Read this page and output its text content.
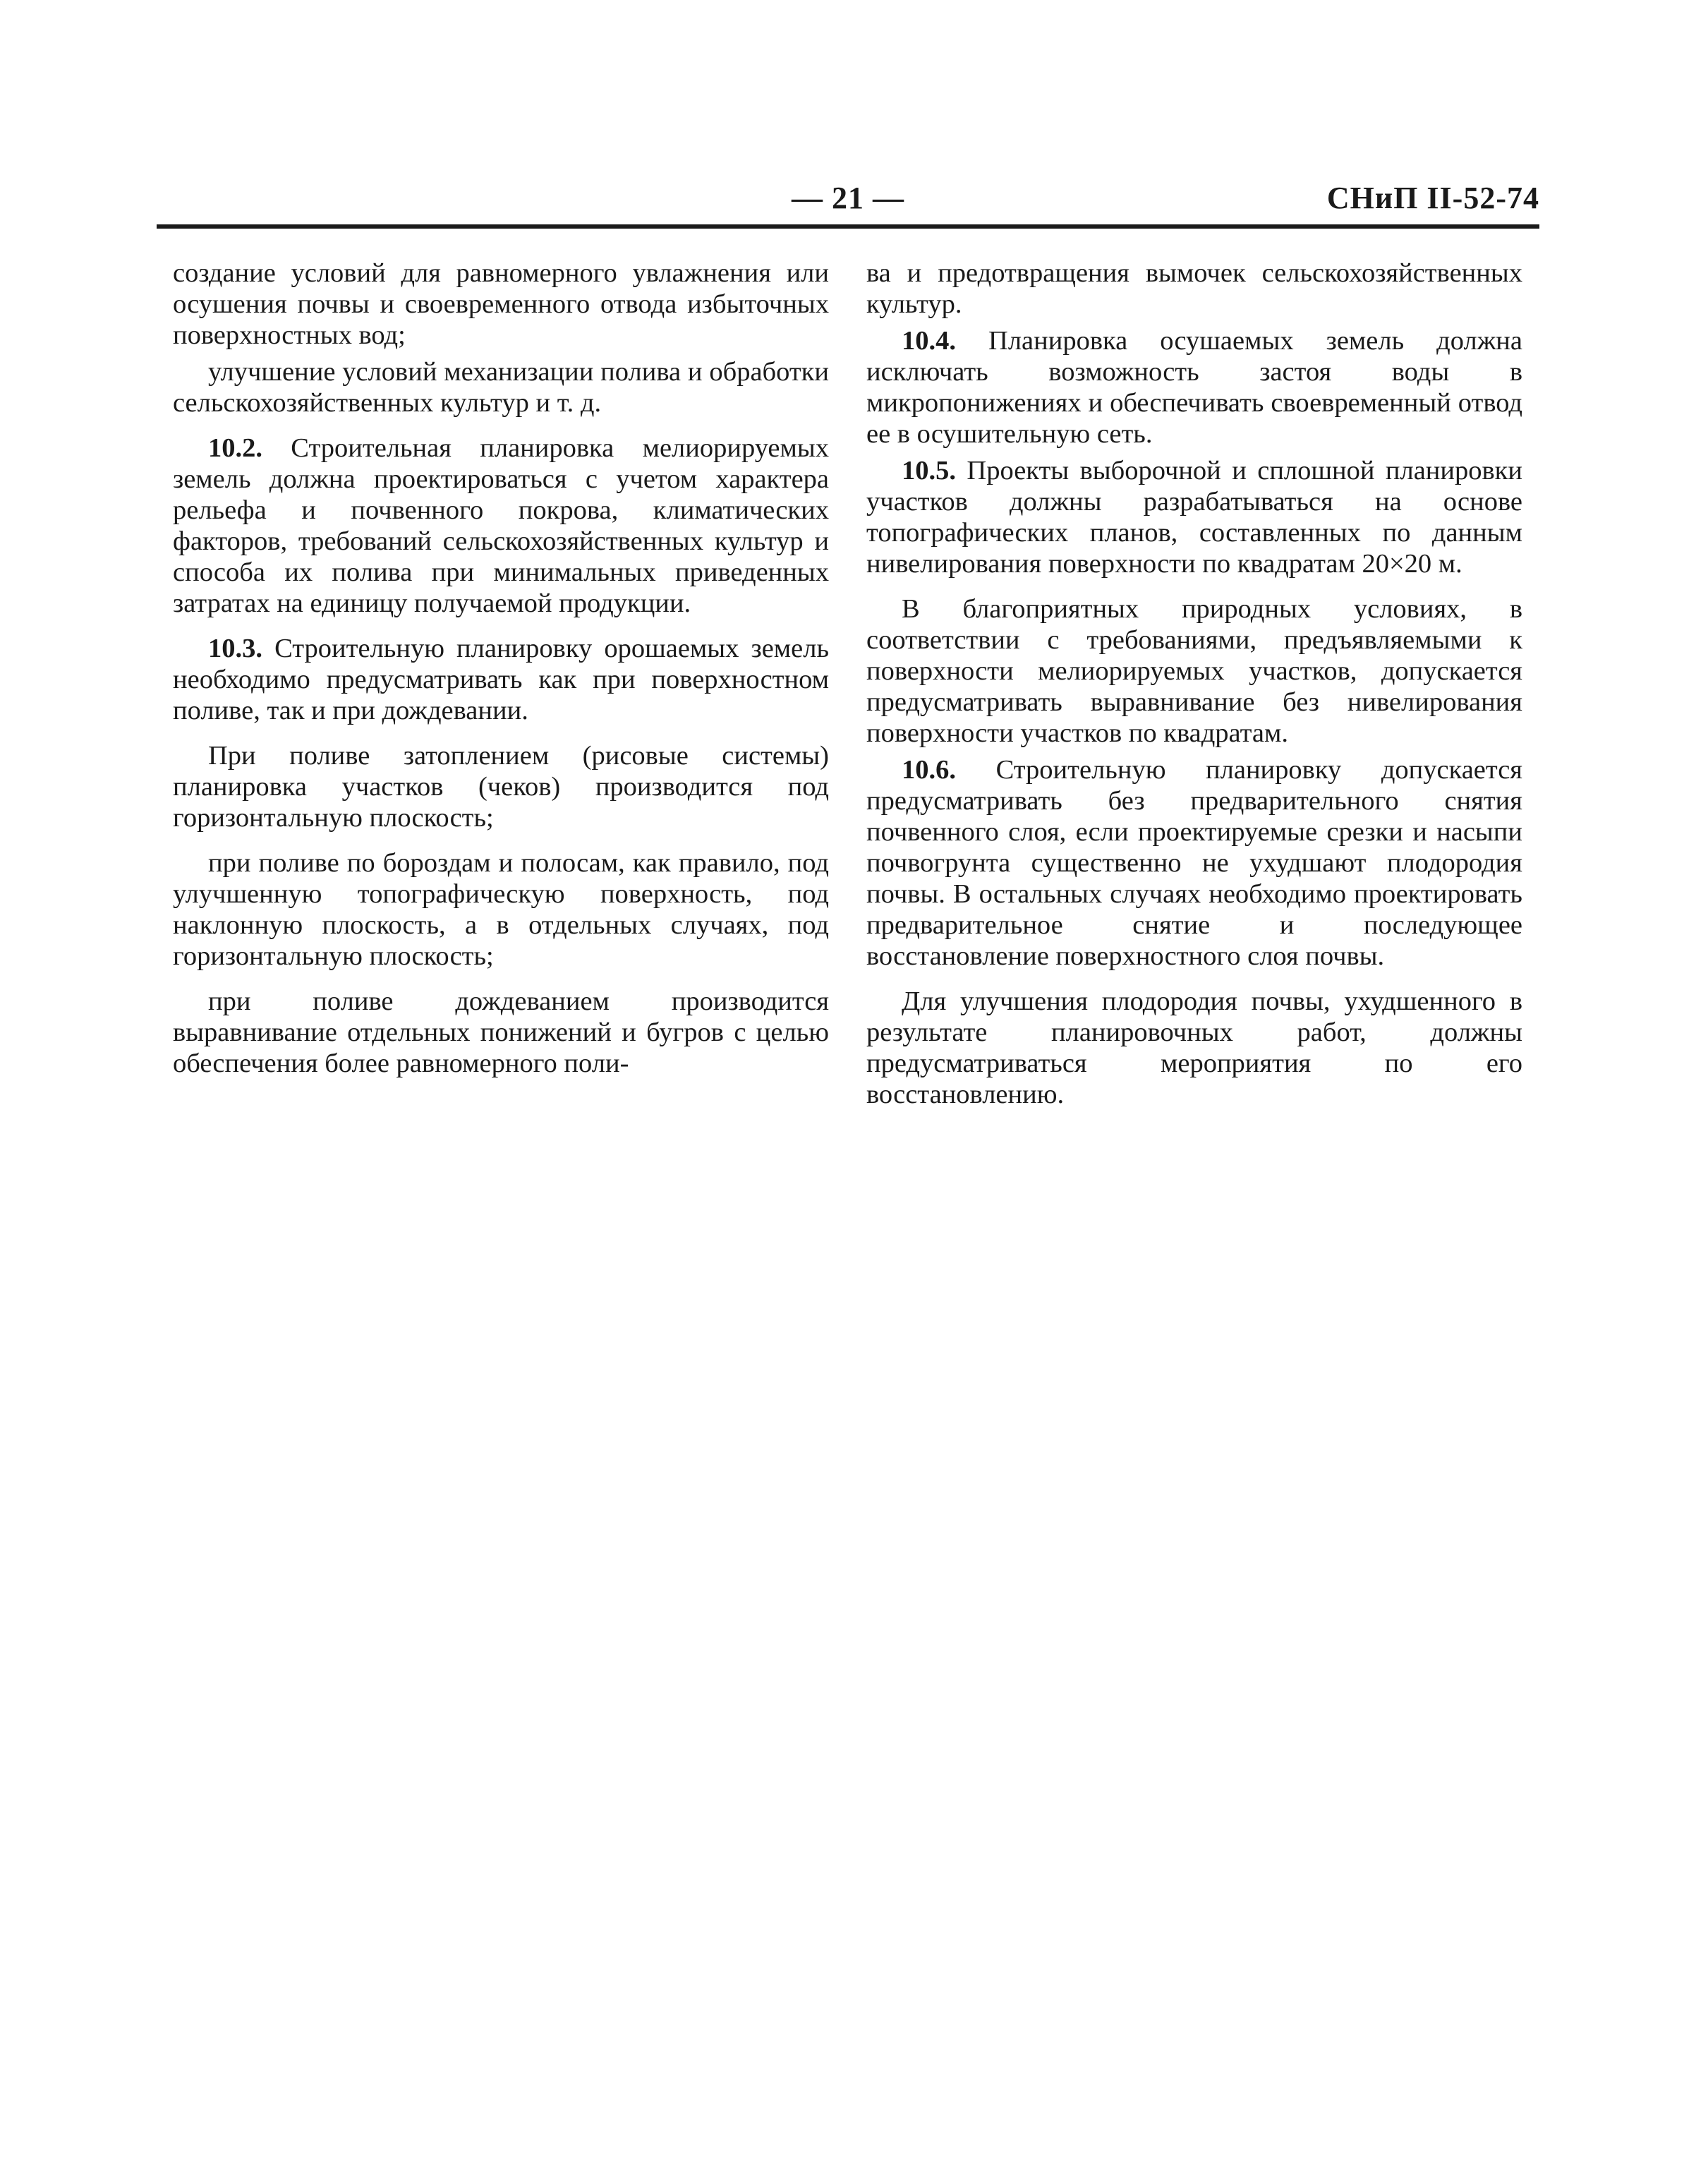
— 21 —	СНиП II-52-74

создание условий для равномерного увлажнения или осушения почвы и своевременного отвода избыточных поверхностных вод;

улучшение условий механизации полива и обработки сельскохозяйственных культур и т. д.

10.2. Строительная планировка мелиорируемых земель должна проектироваться с учетом характера рельефа и почвенного покрова, климатических факторов, требований сельскохозяйственных культур и способа их полива при минимальных приведенных затратах на единицу получаемой продукции.

10.3. Строительную планировку орошаемых земель необходимо предусматривать как при поверхностном поливе, так и при дождевании.

При поливе затоплением (рисовые системы) планировка участков (чеков) производится под горизонтальную плоскость;

при поливе по бороздам и полосам, как правило, под улучшенную топографическую поверхность, под наклонную плоскость, а в отдельных случаях, под горизонтальную плоскость;

при поливе дождеванием производится выравнивание отдельных понижений и бугров с целью обеспечения более равномерного поли-

ва и предотвращения вымочек сельскохозяйственных культур.

10.4. Планировка осушаемых земель должна исключать возможность застоя воды в микропонижениях и обеспечивать своевременный отвод ее в осушительную сеть.

10.5. Проекты выборочной и сплошной планировки участков должны разрабатываться на основе топографических планов, составленных по данным нивелирования поверхности по квадратам 20×20 м.

В благоприятных природных условиях, в соответствии с требованиями, предъявляемыми к поверхности мелиорируемых участков, допускается предусматривать выравнивание без нивелирования поверхности участков по квадратам.

10.6. Строительную планировку допускается предусматривать без предварительного снятия почвенного слоя, если проектируемые срезки и насыпи почвогрунта существенно не ухудшают плодородия почвы. В остальных случаях необходимо проектировать предварительное снятие и последующее восстановление поверхностного слоя почвы.

Для улучшения плодородия почвы, ухудшенного в результате планировочных работ, должны предусматриваться мероприятия по его восстановлению.
